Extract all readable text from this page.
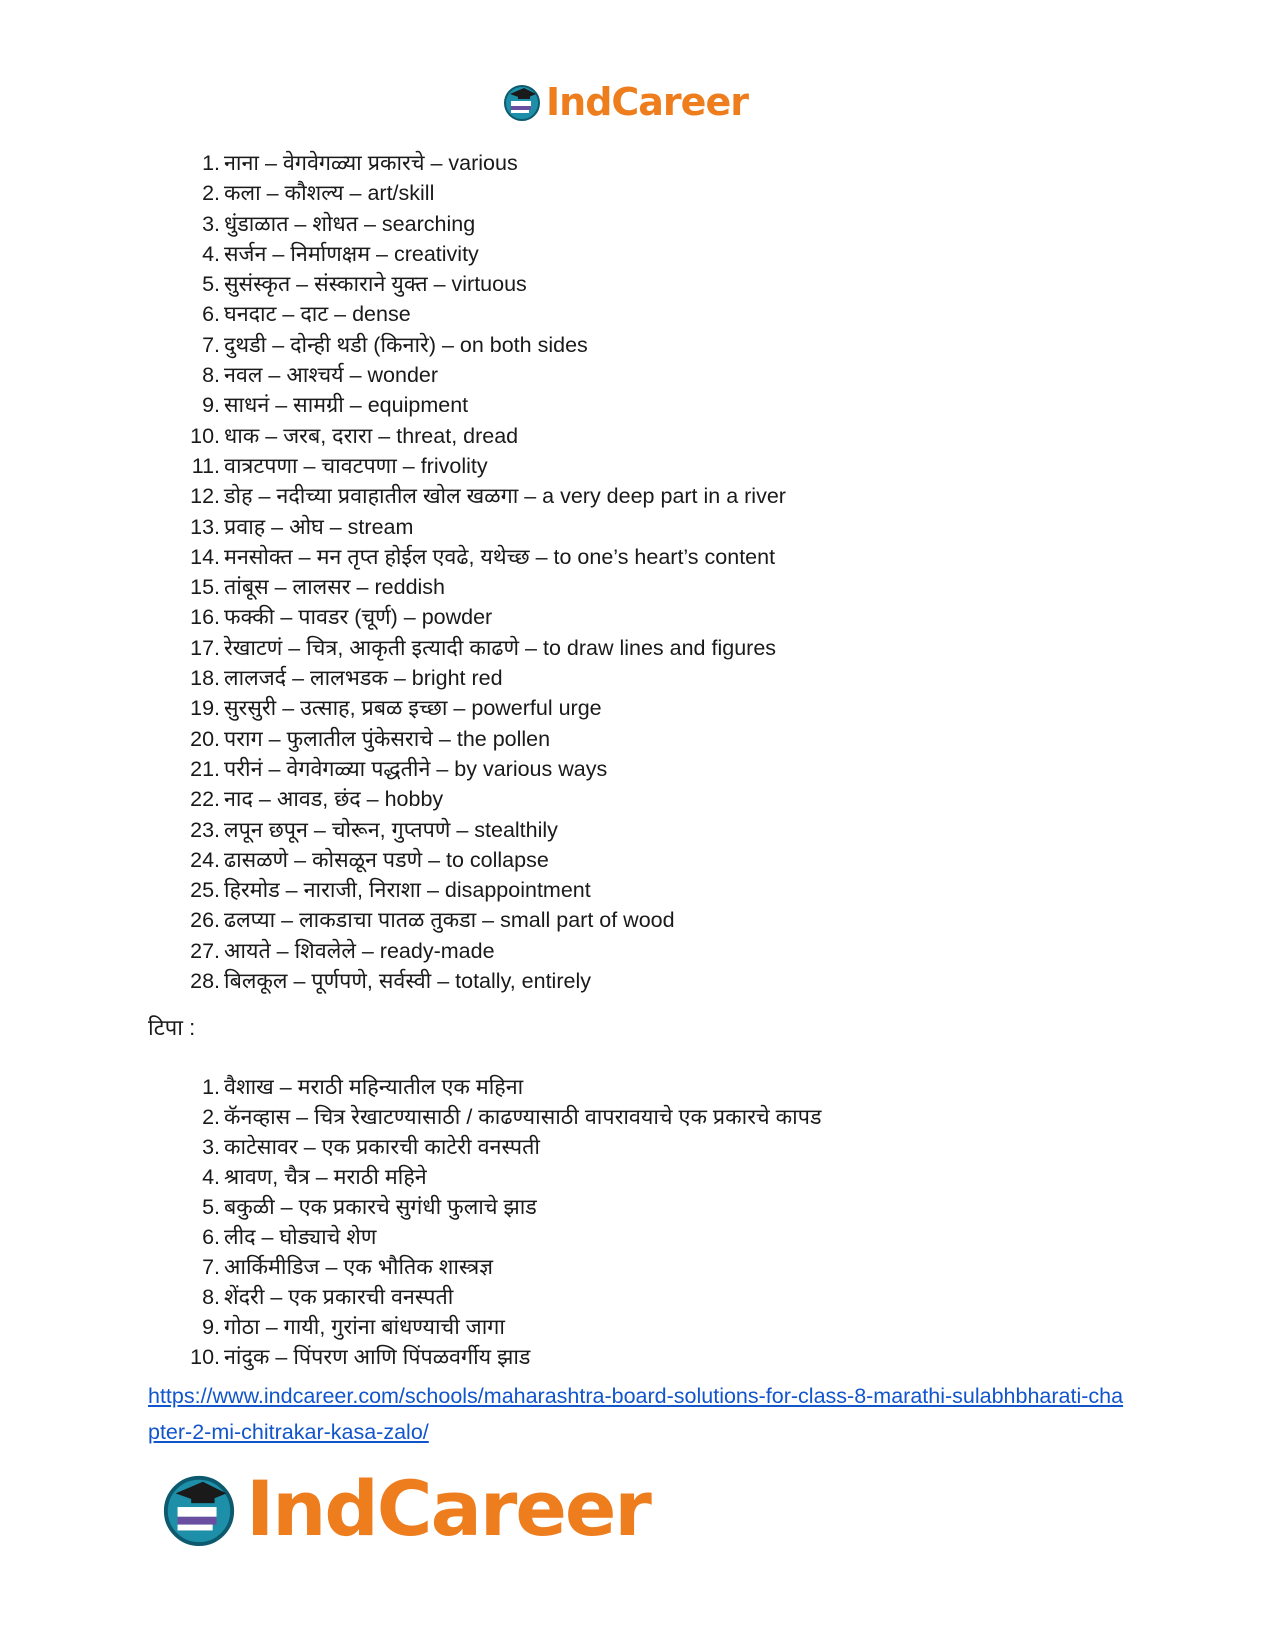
IndCareer
1. नाना – वेगवेगळ्या प्रकारचे – various
2. कला – कौशल्य – art/skill
3. धुंडाळात – शोधत – searching
4. सर्जन – निर्माणक्षम – creativity
5. सुसंस्कृत – संस्काराने युक्त – virtuous
6. घनदाट – दाट – dense
7. दुथडी – दोन्ही थडी (किनारे) – on both sides
8. नवल – आश्चर्य – wonder
9. साधनं – सामग्री – equipment
10. धाक – जरब, दरारा – threat, dread
11. वात्रटपणा – चावटपणा – frivolity
12. डोह – नदीच्या प्रवाहातील खोल खळगा – a very deep part in a river
13. प्रवाह – ओघ – stream
14. मनसोक्त – मन तृप्त होईल एवढे, यथेच्छ – to one’s heart’s content
15. तांबूस – लालसर – reddish
16. फक्की – पावडर (चूर्ण) – powder
17. रेखाटणं – चित्र, आकृती इत्यादी काढणे – to draw lines and figures
18. लालजर्द – लालभडक – bright red
19. सुरसुरी – उत्साह, प्रबळ इच्छा – powerful urge
20. पराग – फुलातील पुंकेसराचे – the pollen
21. परीनं – वेगवेगळ्या पद्धतीने – by various ways
22. नाद – आवड, छंद – hobby
23. लपून छपून – चोरून, गुप्तपणे – stealthily
24. ढासळणे – कोसळून पडणे – to collapse
25. हिरमोड – नाराजी, निराशा – disappointment
26. ढलप्या – लाकडाचा पातळ तुकडा – small part of wood
27. आयते – शिवलेले – ready-made
28. बिलकूल – पूर्णपणे, सर्वस्वी – totally, entirely
टिपा :
1. वैशाख – मराठी महिन्यातील एक महिना
2. कॅनव्हास – चित्र रेखाटण्यासाठी / काढण्यासाठी वापरावयाचे एक प्रकारचे कापड
3. काटेसावर – एक प्रकारची काटेरी वनस्पती
4. श्रावण, चैत्र – मराठी महिने
5. बकुळी – एक प्रकारचे सुगंधी फुलाचे झाड
6. लीद – घोड्याचे शेण
7. आर्किमीडिज – एक भौतिक शास्त्रज्ञ
8. शेंदरी – एक प्रकारची वनस्पती
9. गोठा – गायी, गुरांना बांधण्याची जागा
10. नांदुक – पिंपरण आणि पिंपळवर्गीय झाड
https://www.indcareer.com/schools/maharashtra-board-solutions-for-class-8-marathi-sulabhbharati-chapter-2-mi-chitrakar-kasa-zalo/
IndCareer
